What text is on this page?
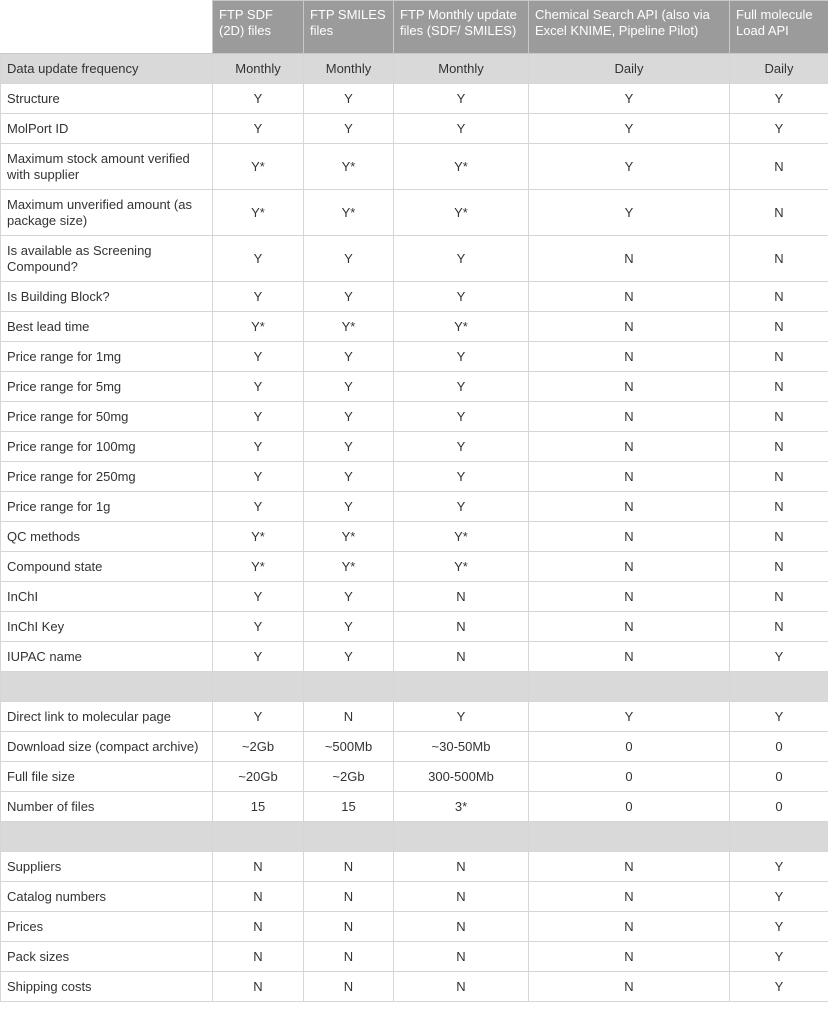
	FTP SDF (2D) files	FTP SMILES files	FTP Monthly update files (SDF/ SMILES)	Chemical Search API (also via Excel KNIME, Pipeline Pilot)	Full molecule Load API
Data update frequency	Monthly	Monthly	Monthly	Daily	Daily
Structure	Y	Y	Y	Y	Y
MolPort ID	Y	Y	Y	Y	Y
Maximum stock amount verified with supplier	Y*	Y*	Y*	Y	N
Maximum unverified amount (as package size)	Y*	Y*	Y*	Y	N
Is available as Screening Compound?	Y	Y	Y	N	N
Is Building Block?	Y	Y	Y	N	N
Best lead time	Y*	Y*	Y*	N	N
Price range for 1mg	Y	Y	Y	N	N
Price range for 5mg	Y	Y	Y	N	N
Price range for 50mg	Y	Y	Y	N	N
Price range for 100mg	Y	Y	Y	N	N
Price range for 250mg	Y	Y	Y	N	N
Price range for 1g	Y	Y	Y	N	N
QC methods	Y*	Y*	Y*	N	N
Compound state	Y*	Y*	Y*	N	N
InChI	Y	Y	N	N	N
InChI Key	Y	Y	N	N	N
IUPAC name	Y	Y	N	N	Y

Direct link to molecular page	Y	N	Y	Y	Y
Download size (compact archive)	~2Gb	~500Mb	~30-50Mb	0	0
Full file size	~20Gb	~2Gb	300-500Mb	0	0
Number of files	15	15	3*	0	0

Suppliers	N	N	N	N	Y
Catalog numbers	N	N	N	N	Y
Prices	N	N	N	N	Y
Pack sizes	N	N	N	N	Y
Shipping costs	N	N	N	N	Y
